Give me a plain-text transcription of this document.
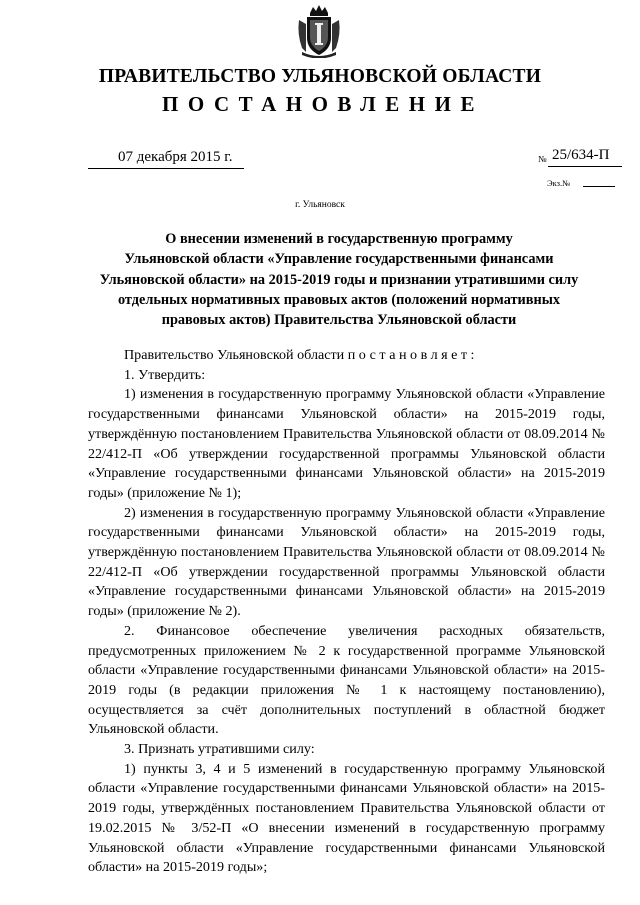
ПРАВИТЕЛЬСТВО УЛЬЯНОВСКОЙ ОБЛАСТИ
ПОСТАНОВЛЕНИЕ
07 декабря 2015 г.	№ 25/634-П
Экз.№
г. Ульяновск
О внесении изменений в государственную программу
Ульяновской области «Управление государственными финансами
Ульяновской области» на 2015-2019 годы и признании утратившими силу
отдельных нормативных правовых актов (положений нормативных
правовых актов) Правительства Ульяновской области

Правительство Ульяновской области постановляет:

1. Утвердить:

1) изменения в государственную программу Ульяновской области «Управление государственными финансами Ульяновской области» на 2015-2019 годы, утверждённую постановлением Правительства Ульяновской области от 08.09.2014 № 22/412-П «Об утверждении государственной программы Ульяновской области «Управление государственными финансами Ульяновской области» на 2015-2019 годы» (приложение № 1);

2) изменения в государственную программу Ульяновской области «Управление государственными финансами Ульяновской области» на 2015-2019 годы, утверждённую постановлением Правительства Ульяновской области от 08.09.2014 № 22/412-П «Об утверждении государственной программы Ульяновской области «Управление государственными финансами Ульяновской области» на 2015-2019 годы» (приложение № 2).

2. Финансовое обеспечение увеличения расходных обязательств, предусмотренных приложением № 2 к государственной программе Ульяновской области «Управление государственными финансами Ульяновской области» на 2015-2019 годы (в редакции приложения № 1 к настоящему постановлению), осуществляется за счёт дополнительных поступлений в областной бюджет Ульяновской области.

3. Признать утратившими силу:

1) пункты 3, 4 и 5 изменений в государственную программу Ульяновской области «Управление государственными финансами Ульяновской области» на 2015-2019 годы, утверждённых постановлением Правительства Ульяновской области от 19.02.2015 № 3/52-П «О внесении изменений в государственную программу Ульяновской области «Управление государственными финансами Ульяновской области» на 2015-2019 годы»;
